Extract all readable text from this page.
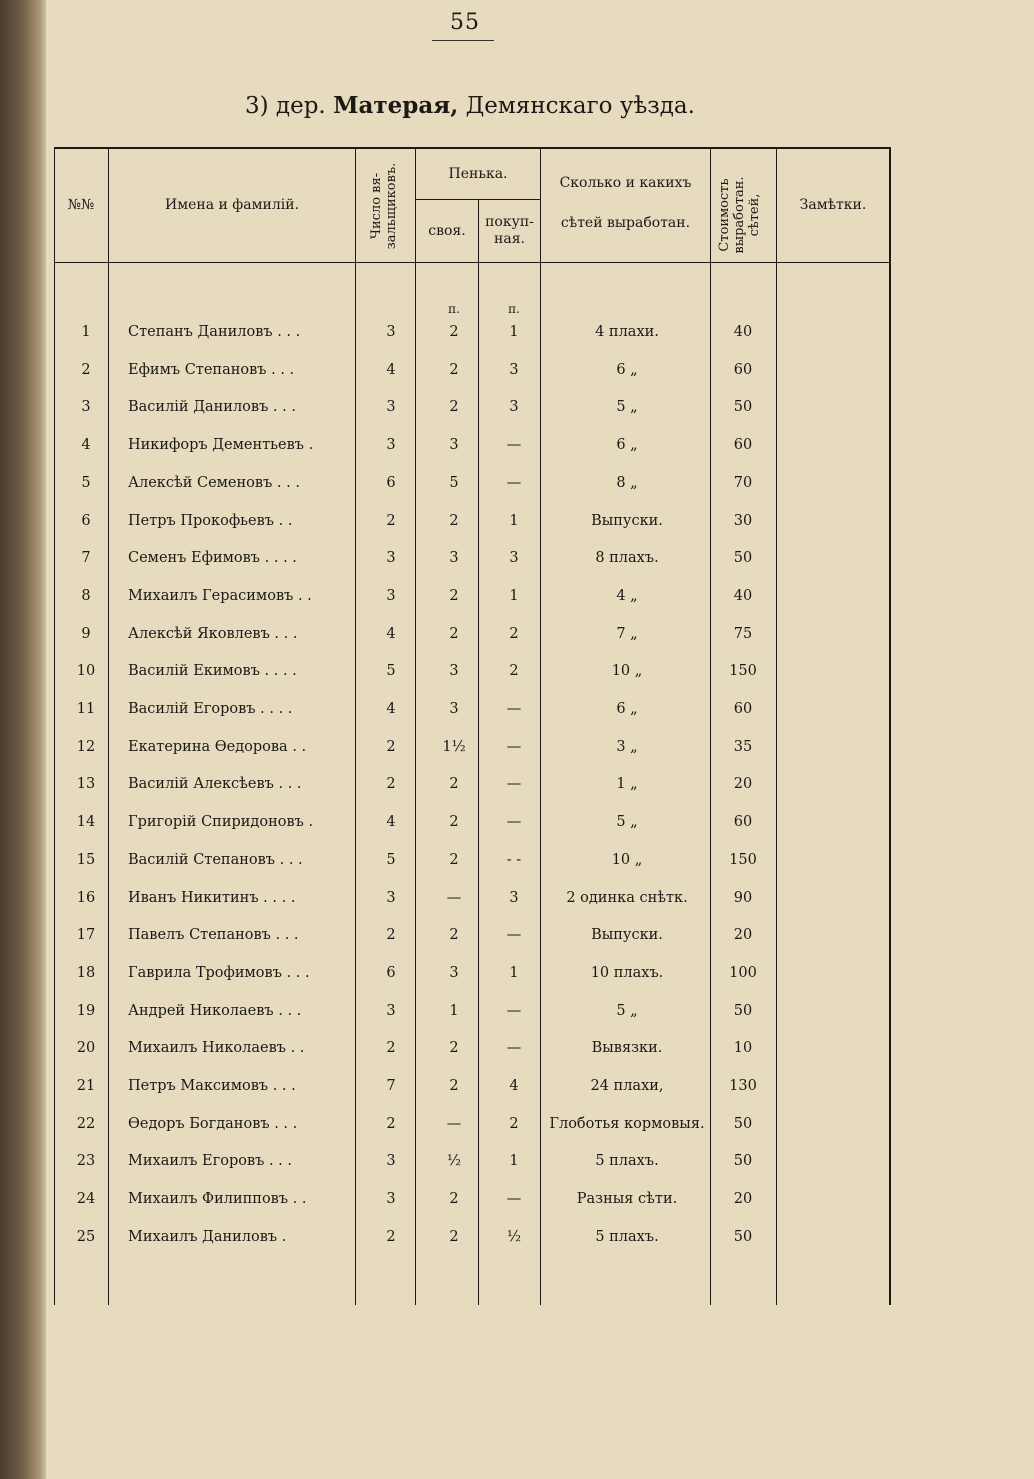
55
3) дер. Матерая, Демянскаго уѣзда.
№№	Имена и фамилій.	Число вя-
зальщиковъ.	Пенька.
своя.
покуп-
ная.
Сколько и какихъ
сѣтей выработан.	Стоимость
выработан.
сѣтей,	Замѣтки.
п.	п.
1	Степанъ Даниловъ . . .	3	2	1	4 плахи.	40
2	Ефимъ Степановъ . . .	4	2	3	6 „	60
3	Василій Даниловъ . . .	3	2	3	5 „	50
4	Никифоръ Дементьевъ .	3	3	—	6 „	60
5	Алексѣй Семеновъ . . .	6	5	—	8 „	70
6	Петръ Прокофьевъ . .	2	2	1	Выпуски.	30
7	Семенъ Ефимовъ . . . .	3	3	3	8 плахъ.	50
8	Михаилъ Герасимовъ . .	3	2	1	4 „	40
9	Алексѣй Яковлевъ . . .	4	2	2	7 „	75
10	Василій Екимовъ . . . .	5	3	2	10 „	150
11	Василій Егоровъ . . . .	4	3	—	6 „	60
12	Екатерина Ѳедорова . .	2	1½	—	3 „	35
13	Василій Алексѣевъ . . .	2	2	—	1 „	20
14	Григорій Спиридоновъ .	4	2	—	5 „	60
15	Василій Степановъ . . .	5	2	- -	10 „	150
16	Иванъ Никитинъ . . . .	3	—	3	2 одинка снѣтк.	90
17	Павелъ Степановъ . . .	2	2	—	Выпуски.	20
18	Гаврила Трофимовъ . . .	6	3	1	10 плахъ.	100
19	Андрей Николаевъ . . .	3	1	—	5 „	50
20	Михаилъ Николаевъ . .	2	2	—	Вывязки.	10
21	Петръ Максимовъ . . .	7	2	4	24 плахи,	130
22	Ѳедоръ Богдановъ . . .	2	—	2	Глоботья кормовыя.	50
23	Михаилъ Егоровъ . . .	3	½	1	5 плахъ.	50
24	Михаилъ Филипповъ . .	3	2	—	Разныя сѣти.	20
25	Михаилъ Даниловъ .	2	2	½	5 плахъ.	50
